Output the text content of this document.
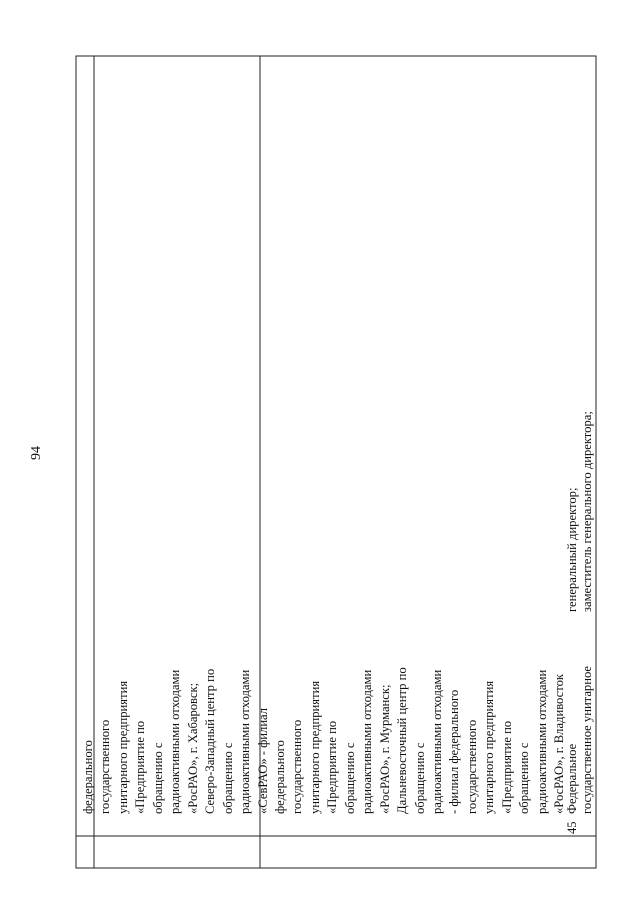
94
федерального государственного унитарного предприятия «Предприятие по обращению с радиоактивными отходами «РосРАО», г. Хабаровск; Северо-Западный центр по обращению с радиоактивными отходами «СевРАО» - филиал федерального государственного унитарного предприятия «Предприятие по обращению с радиоактивными отходами «РосРАО», г. Мурманск; Дальневосточный центр по обращению с радиоактивными отходами - филиал федерального государственного унитарного предприятия «Предприятие по обращению с радиоактивными отходами «РосРАО», г. Владивосток
Федеральное государственное унитарное
генеральный директор; заместитель генерального директора;
45
